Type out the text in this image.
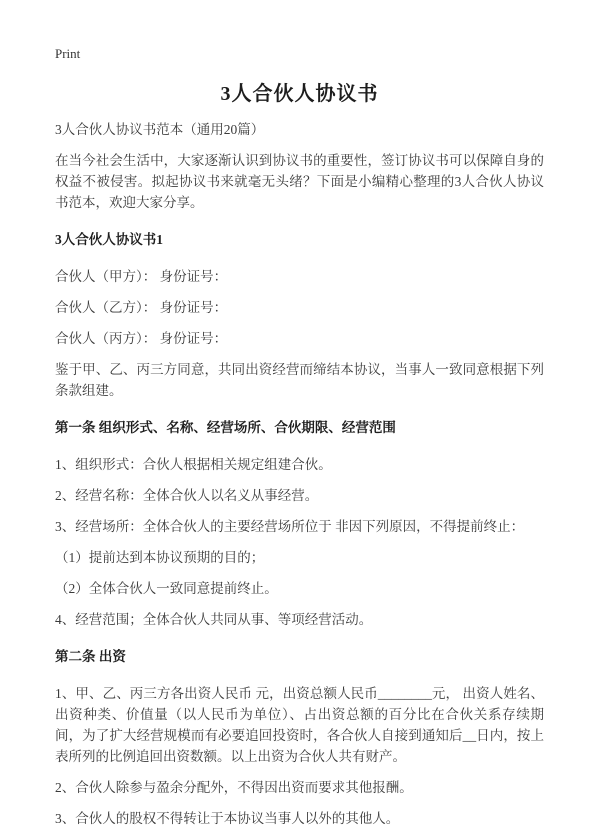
Print
3人合伙人协议书

3人合伙人协议书范本（通用20篇）

在当今社会生活中，大家逐渐认识到协议书的重要性，签订协议书可以保障自身的权益不被侵害。拟起协议书来就毫无头绪？下面是小编精心整理的3人合伙人协议书范本，欢迎大家分享。

3人合伙人协议书1

合伙人（甲方）： 身份证号：

合伙人（乙方）： 身份证号：

合伙人（丙方）： 身份证号：

鉴于甲、乙、丙三方同意，共同出资经营而缔结本协议，当事人一致同意根据下列条款组建。

第一条 组织形式、名称、经营场所、合伙期限、经营范围

1、组织形式：合伙人根据相关规定组建合伙。

2、经营名称：全体合伙人以名义从事经营。

3、经营场所：全体合伙人的主要经营场所位于 非因下列原因，不得提前终止：

（1）提前达到本协议预期的目的；

（2）全体合伙人一致同意提前终止。

4、经营范围；全体合伙人共同从事、等项经营活动。

第二条 出资

1、甲、乙、丙三方各出资人民币 元，出资总额人民币________元， 出资人姓名、出资种类、价值量（以人民币为单位）、占出资总额的百分比在合伙关系存续期间，为了扩大经营规模而有必要追回投资时，各合伙人自接到通知后__日内，按上表所列的比例追回出资数额。以上出资为合伙人共有财产。

2、合伙人除参与盈余分配外，不得因出资而要求其他报酬。

3、合伙人的股权不得转让于本协议当事人以外的其他人。
